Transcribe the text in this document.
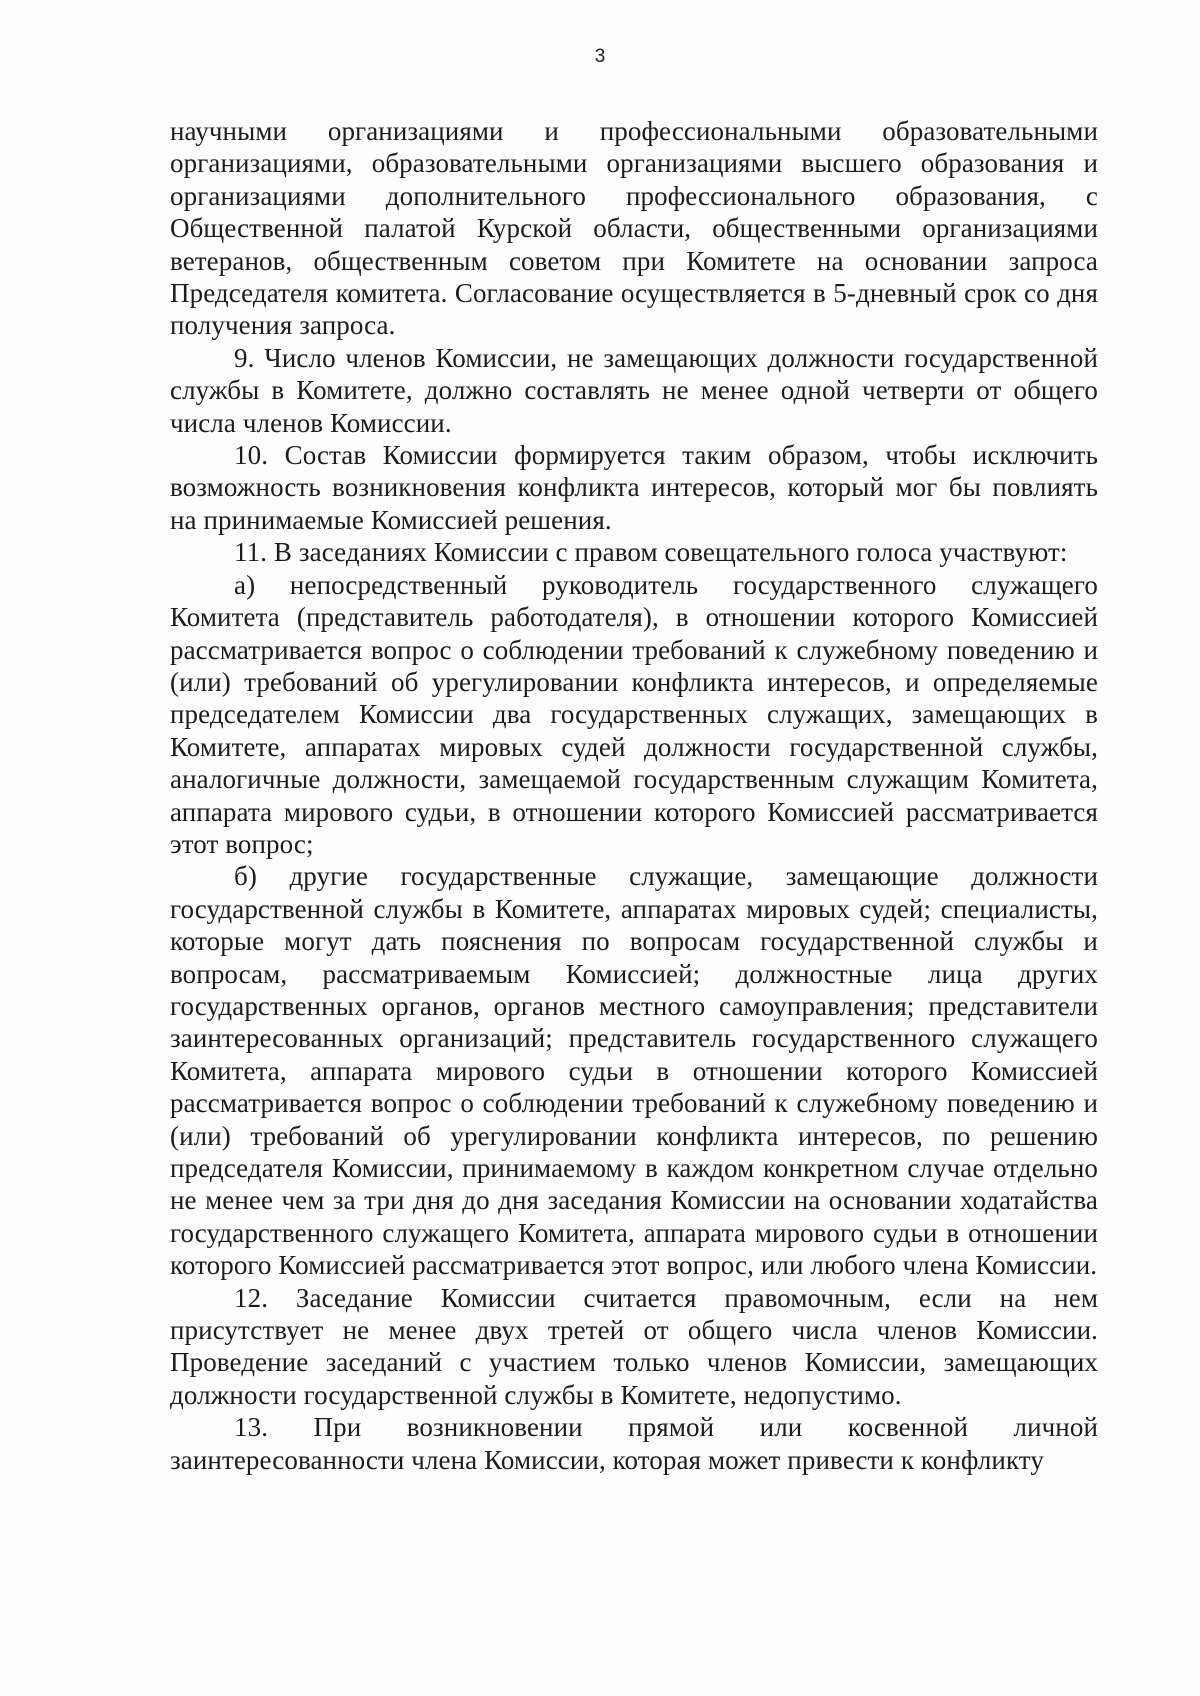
3

научными организациями и профессиональными образовательными организациями, образовательными организациями высшего образования и организациями дополнительного профессионального образования, с Общественной палатой Курской области, общественными организациями ветеранов, общественным советом при Комитете на основании запроса Председателя комитета. Согласование осуществляется в 5-дневный срок со дня получения запроса.

9. Число членов Комиссии, не замещающих должности государственной службы в Комитете, должно составлять не менее одной четверти от общего числа членов Комиссии.

10. Состав Комиссии формируется таким образом, чтобы исключить возможность возникновения конфликта интересов, который мог бы повлиять на принимаемые Комиссией решения.

11. В заседаниях Комиссии с правом совещательного голоса участвуют:

а) непосредственный руководитель государственного служащего Комитета (представитель работодателя), в отношении которого Комиссией рассматривается вопрос о соблюдении требований к служебному поведению и (или) требований об урегулировании конфликта интересов, и определяемые председателем Комиссии два государственных служащих, замещающих в Комитете, аппаратах мировых судей должности государственной службы, аналогичные должности, замещаемой государственным служащим Комитета, аппарата мирового судьи, в отношении которого Комиссией рассматривается этот вопрос;

б) другие государственные служащие, замещающие должности государственной службы в Комитете, аппаратах мировых судей; специалисты, которые могут дать пояснения по вопросам государственной службы и вопросам, рассматриваемым Комиссией; должностные лица других государственных органов, органов местного самоуправления; представители заинтересованных организаций; представитель государственного служащего Комитета, аппарата мирового судьи в отношении которого Комиссией рассматривается вопрос о соблюдении требований к служебному поведению и (или) требований об урегулировании конфликта интересов, по решению председателя Комиссии, принимаемому в каждом конкретном случае отдельно не менее чем за три дня до дня заседания Комиссии на основании ходатайства государственного служащего Комитета, аппарата мирового судьи в отношении которого Комиссией рассматривается этот вопрос, или любого члена Комиссии.

12. Заседание Комиссии считается правомочным, если на нем присутствует не менее двух третей от общего числа членов Комиссии. Проведение заседаний с участием только членов Комиссии, замещающих должности государственной службы в Комитете, недопустимо.

13. При возникновении прямой или косвенной личной заинтересованности члена Комиссии, которая может привести к конфликту
